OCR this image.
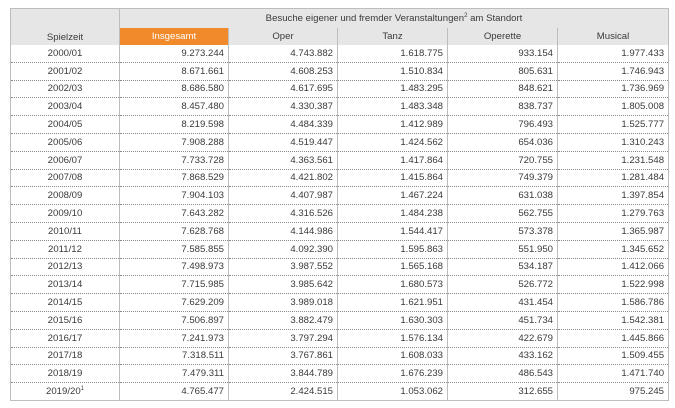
	Besuche eigener und fremder Veranstaltungen$^2$ am Standort				
Spielzeit	Insgesamt	Oper	Tanz	Operette	Musical
2000/01	9.273.244	4.743.882	1.618.775	933.154	1.977.433
2001/02	8.671.661	4.608.253	1.510.834	805.631	1.746.943
2002/03	8.686.580	4.617.695	1.483.295	848.621	1.736.969
2003/04	8.457.480	4.330.387	1.483.348	838.737	1.805.008
2004/05	8.219.598	4.484.339	1.412.989	796.493	1.525.777
2005/06	7.908.288	4.519.447	1.424.562	654.036	1.310.243
2006/07	7.733.728	4.363.561	1.417.864	720.755	1.231.548
2007/08	7.868.529	4.421.802	1.415.864	749.379	1.281.484
2008/09	7.904.103	4.407.987	1.467.224	631.038	1.397.854
2009/10	7.643.282	4.316.526	1.484.238	562.755	1.279.763
2010/11	7.628.768	4.144.986	1.544.417	573.378	1.365.987
2011/12	7.585.855	4.092.390	1.595.863	551.950	1.345.652
2012/13	7.498.973	3.987.552	1.565.168	534.187	1.412.066
2013/14	7.715.985	3.985.642	1.680.573	526.772	1.522.998
2014/15	7.629.209	3.989.018	1.621.951	431.454	1.586.786
2015/16	7.506.897	3.882.479	1.630.303	451.734	1.542.381
2016/17	7.241.973	3.797.294	1.576.134	422.679	1.445.866
2017/18	7.318.511	3.767.861	1.608.033	433.162	1.509.455
2018/19	7.479.311	3.844.789	1.676.239	486.543	1.471.740
$2019/20^1$	4.765.477	2.424.515	1.053.062	312.655	975.245
